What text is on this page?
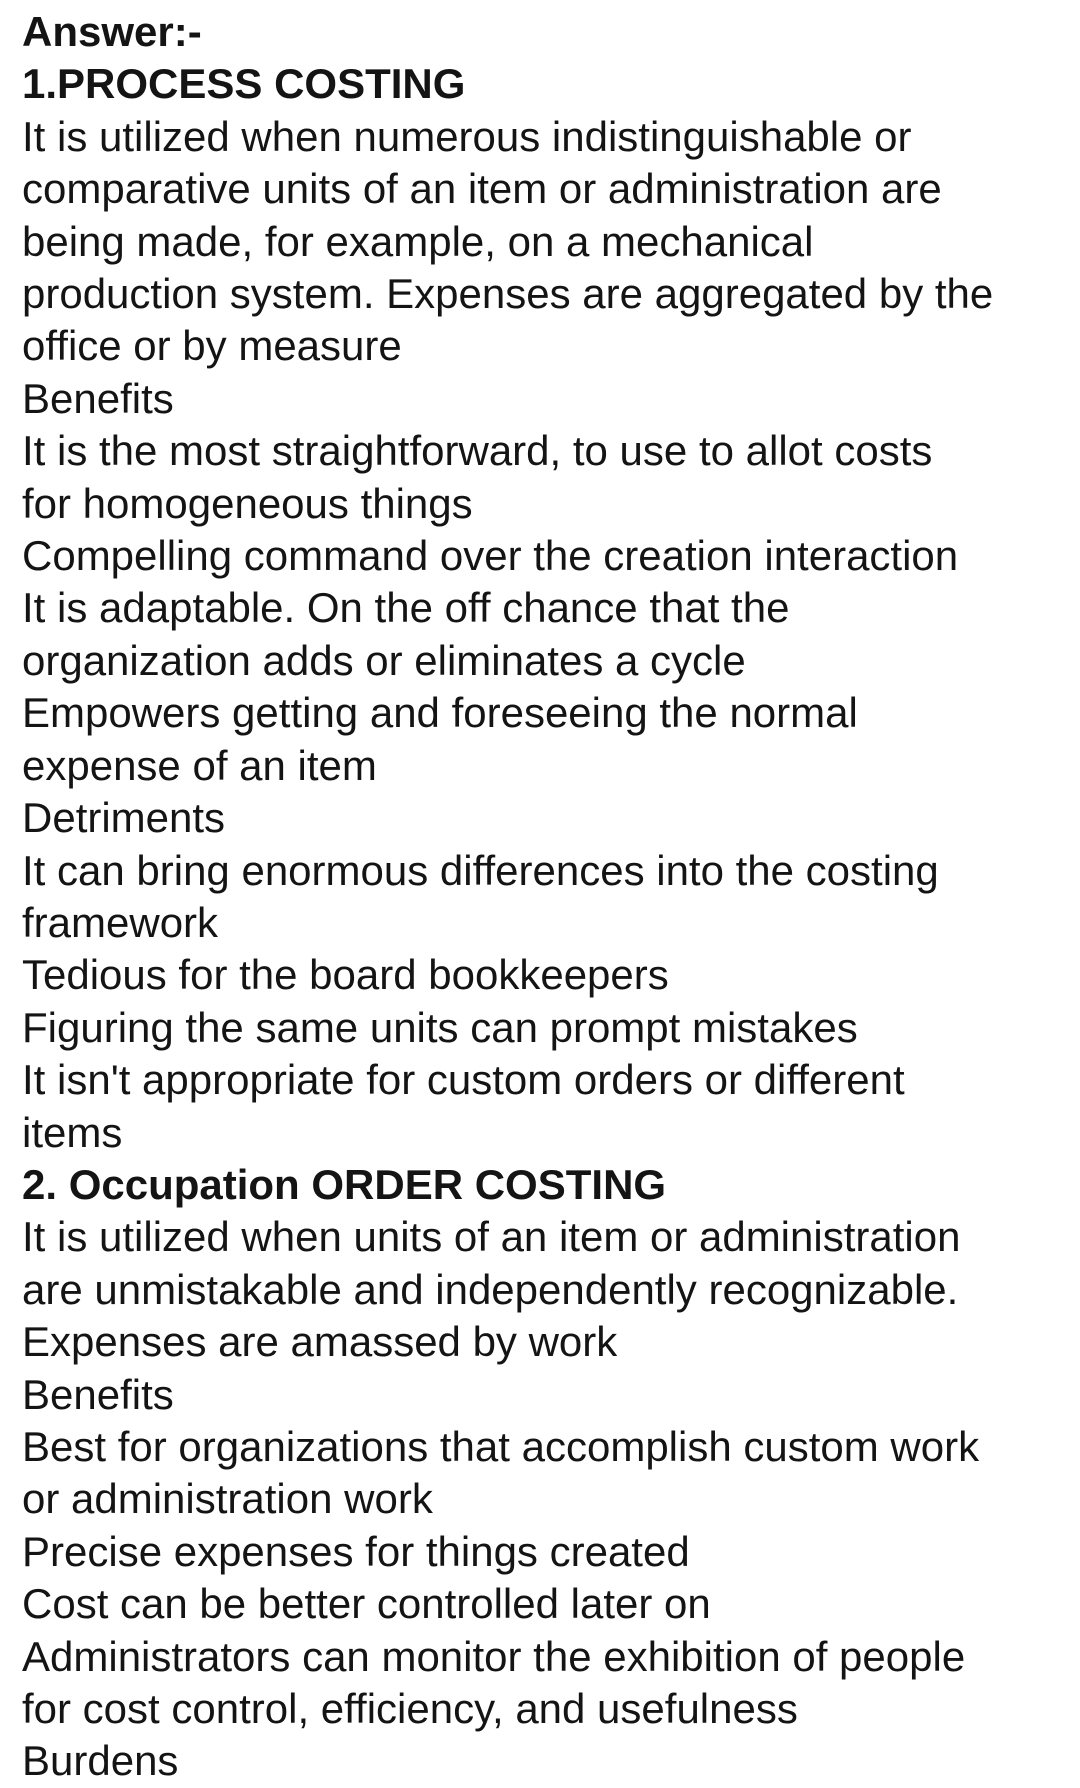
Answer:-

1.PROCESS COSTING

It is utilized when numerous indistinguishable or

comparative units of an item or administration are

being made, for example, on a mechanical

production system. Expenses are aggregated by the

office or by measure

Benefits

It is the most straightforward, to use to allot costs

for homogeneous things

Compelling command over the creation interaction

It is adaptable. On the off chance that the

organization adds or eliminates a cycle

Empowers getting and foreseeing the normal

expense of an item

Detriments

It can bring enormous differences into the costing

framework

Tedious for the board bookkeepers

Figuring the same units can prompt mistakes

It isn't appropriate for custom orders or different

items

2. Occupation ORDER COSTING

It is utilized when units of an item or administration

are unmistakable and independently recognizable.

Expenses are amassed by work

Benefits

Best for organizations that accomplish custom work

or administration work

Precise expenses for things created

Cost can be better controlled later on

Administrators can monitor the exhibition of people

for cost control, efficiency, and usefulness

Burdens
